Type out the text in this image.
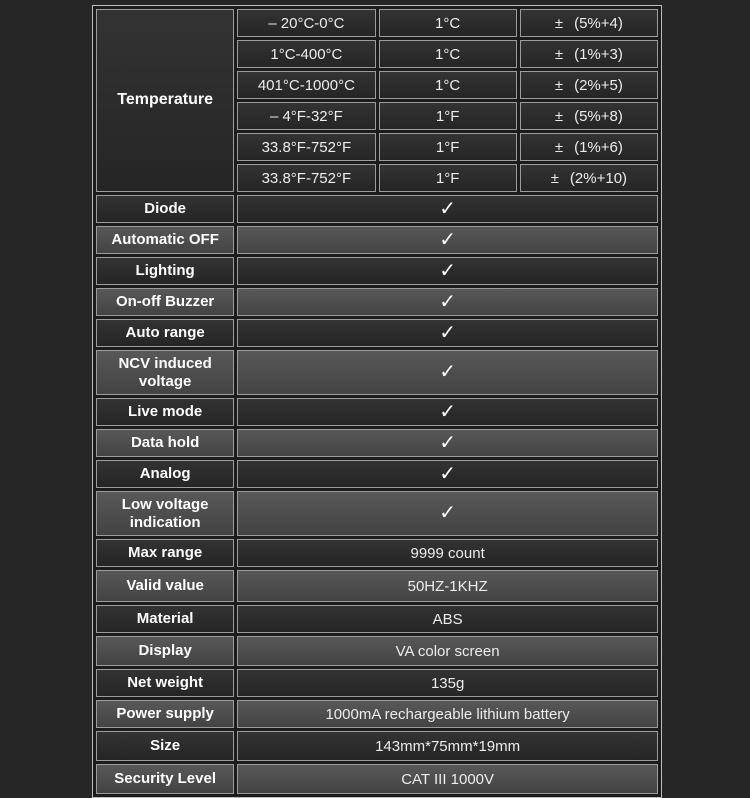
Temperature	– 20°C-0°C	1°C	± (5%+4)
	1°C-400°C	1°C	± (1%+3)
	401°C-1000°C	1°C	± (2%+5)
	– 4°F-32°F	1°F	± (5%+8)
	33.8°F-752°F	1°F	± (1%+6)
	33.8°F-752°F	1°F	± (2%+10)
Diode	✓		
Automatic OFF	✓		
Lighting	✓		
On-off Buzzer	✓		
Auto range	✓		
NCV induced voltage	✓		
Live mode	✓		
Data hold	✓		
Analog	✓		
Low voltage indication	✓		
Max range	9999 count		
Valid value	50HZ-1KHZ		
Material	ABS		
Display	VA color screen		
Net weight	135g		
Power supply	1000mA rechargeable lithium battery		
Size	143mm*75mm*19mm		
Security Level	CAT III 1000V		
